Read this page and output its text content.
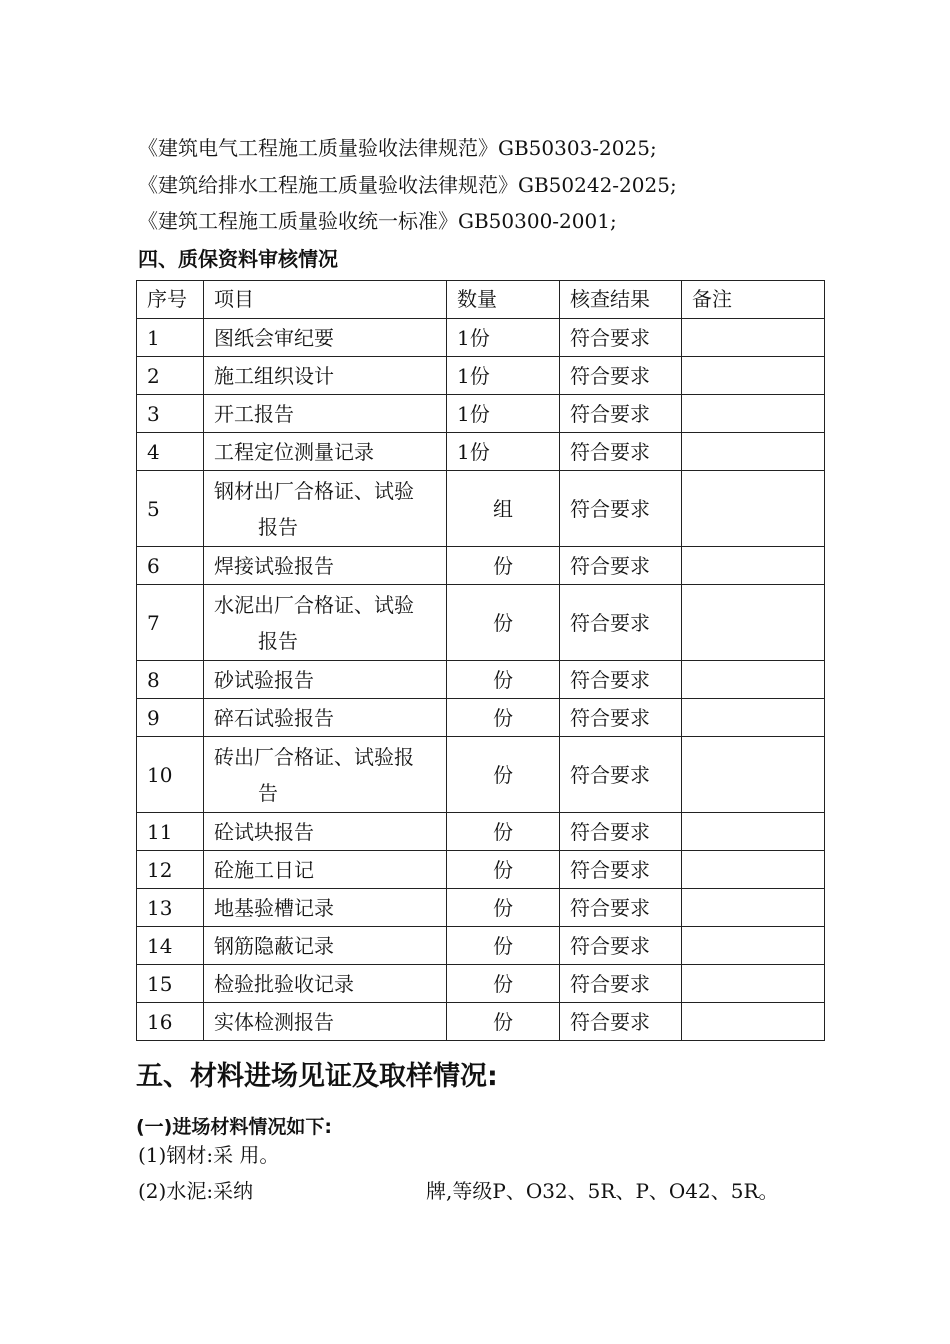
《建筑电气工程施工质量验收法律规范》GB50303-2025;
《建筑给排水工程施工质量验收法律规范》GB50242-2025;
《建筑工程施工质量验收统一标准》GB50300-2001;
四、质保资料审核情况
序号	项目	数量	核查结果	备注
1	图纸会审纪要	1份	符合要求	
2	施工组织设计	1份	符合要求	
3	开工报告	1份	符合要求	
4	工程定位测量记录	1份	符合要求	
5	钢材出厂合格证、试验
报告	组	符合要求	
6	焊接试验报告	份	符合要求	
7	水泥出厂合格证、试验
报告	份	符合要求	
8	砂试验报告	份	符合要求	
9	碎石试验报告	份	符合要求	
10	砖出厂合格证、试验报
告	份	符合要求	
11	砼试块报告	份	符合要求	
12	砼施工日记	份	符合要求	
13	地基验槽记录	份	符合要求	
14	钢筋隐蔽记录	份	符合要求	
15	检验批验收记录	份	符合要求	
16	实体检测报告	份	符合要求	
五、材料进场见证及取样情况:
(一)进场材料情况如下:
(1)钢材:采 用。
(2)水泥:采纳	牌,等级P、O32、5R、P、O42、5R。
